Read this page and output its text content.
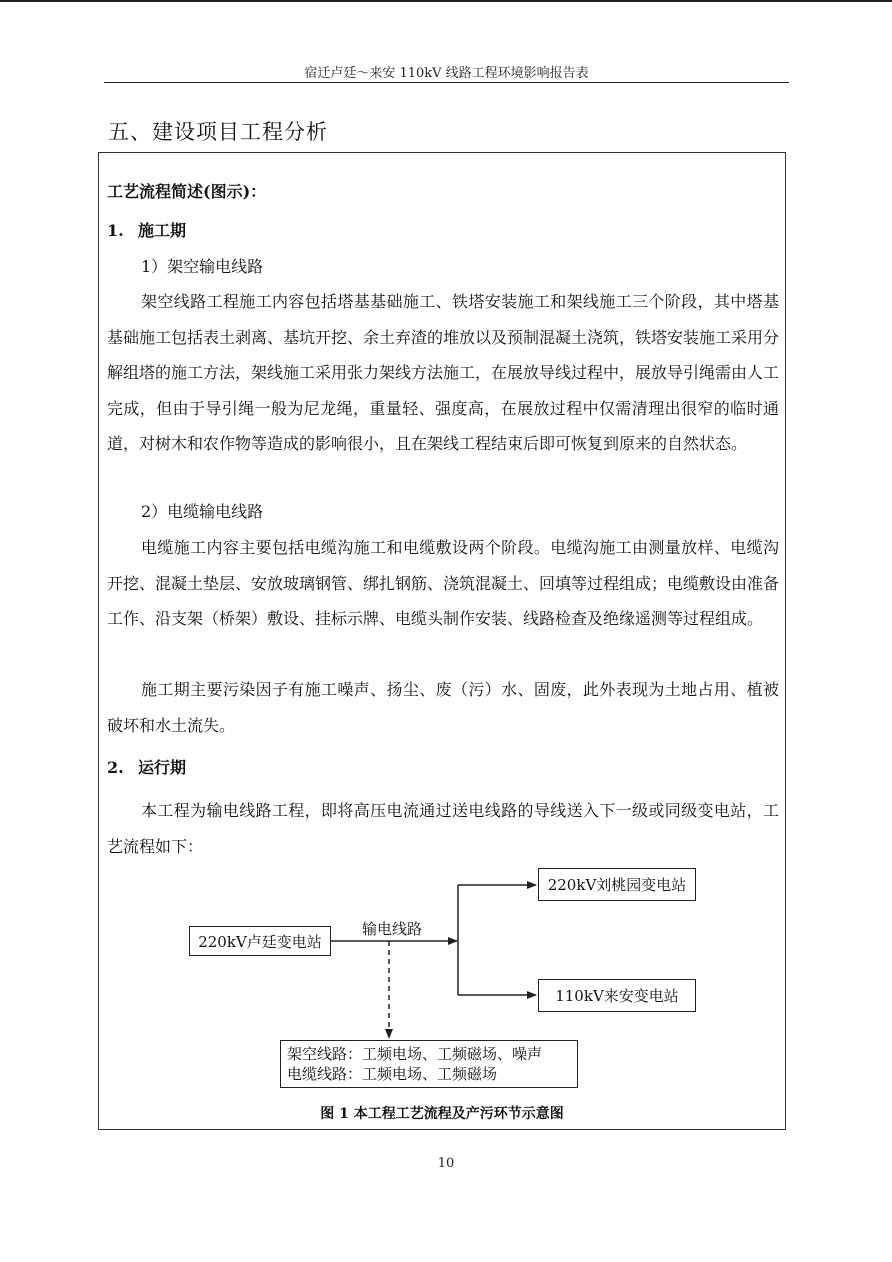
宿迁卢廷～来安 110kV 线路工程环境影响报告表
五、建设项目工程分析
工艺流程简述(图示)：
1. 施工期
1）架空输电线路
架空线路工程施工内容包括塔基基础施工、铁塔安装施工和架线施工三个阶段，其中塔基基础施工包括表土剥离、基坑开挖、余土弃渣的堆放以及预制混凝土浇筑，铁塔安装施工采用分解组塔的施工方法，架线施工采用张力架线方法施工，在展放导线过程中，展放导引绳需由人工完成，但由于导引绳一般为尼龙绳，重量轻、强度高，在展放过程中仅需清理出很窄的临时通道，对树木和农作物等造成的影响很小，且在架线工程结束后即可恢复到原来的自然状态。
2）电缆输电线路
电缆施工内容主要包括电缆沟施工和电缆敷设两个阶段。电缆沟施工由测量放样、电缆沟开挖、混凝土垫层、安放玻璃钢管、绑扎钢筋、浇筑混凝土、回填等过程组成；电缆敷设由准备工作、沿支架（桥架）敷设、挂标示牌、电缆头制作安装、线路检查及绝缘遥测等过程组成。
施工期主要污染因子有施工噪声、扬尘、废（污）水、固废，此外表现为土地占用、植被破坏和水土流失。
2. 运行期
本工程为输电线路工程，即将高压电流通过送电线路的导线送入下一级或同级变电站，工艺流程如下：
220kV卢廷变电站
输电线路
220kV刘桃园变电站
110kV来安变电站
架空线路：工频电场、工频磁场、噪声
电缆线路：工频电场、工频磁场
图 1 本工程工艺流程及产污环节示意图
10
